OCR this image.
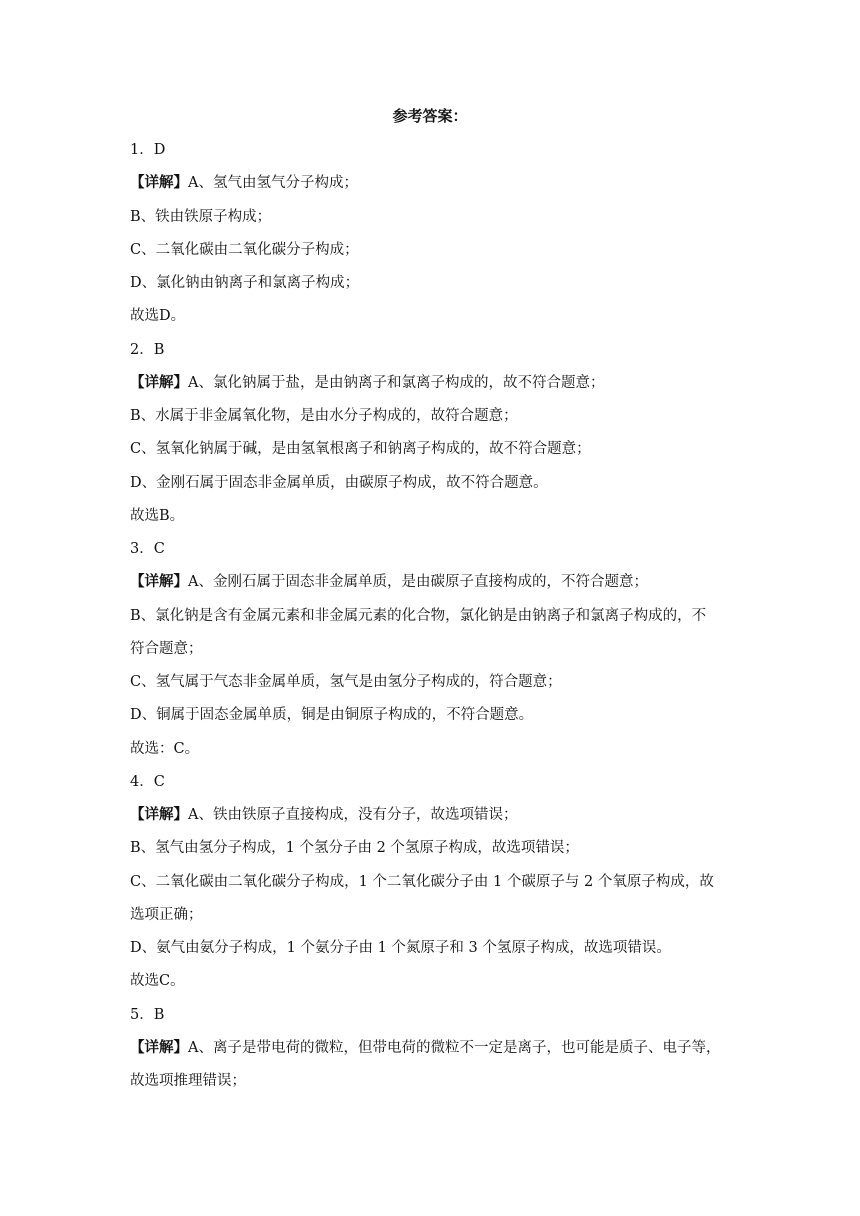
参考答案：

1．D

【详解】A、氢气由氢气分子构成；

B、铁由铁原子构成；

C、二氧化碳由二氧化碳分子构成；

D、氯化钠由钠离子和氯离子构成；

故选D。

2．B

【详解】A、氯化钠属于盐，是由钠离子和氯离子构成的，故不符合题意；

B、水属于非金属氧化物，是由水分子构成的，故符合题意；

C、氢氧化钠属于碱，是由氢氧根离子和钠离子构成的，故不符合题意；

D、金刚石属于固态非金属单质，由碳原子构成，故不符合题意。

故选B。

3．C

【详解】A、金刚石属于固态非金属单质，是由碳原子直接构成的，不符合题意；

B、氯化钠是含有金属元素和非金属元素的化合物，氯化钠是由钠离子和氯离子构成的，不

符合题意；

C、氢气属于气态非金属单质，氢气是由氢分子构成的，符合题意；

D、铜属于固态金属单质，铜是由铜原子构成的，不符合题意。

故选：C。

4．C

【详解】A、铁由铁原子直接构成，没有分子，故选项错误；

B、氢气由氢分子构成，1 个氢分子由 2 个氢原子构成，故选项错误；

C、二氧化碳由二氧化碳分子构成，1 个二氧化碳分子由 1 个碳原子与 2 个氧原子构成，故

选项正确；

D、氨气由氨分子构成，1 个氨分子由 1 个氮原子和 3 个氢原子构成，故选项错误。

故选C。

5．B

【详解】A、离子是带电荷的微粒，但带电荷的微粒不一定是离子，也可能是质子、电子等，

故选项推理错误；
